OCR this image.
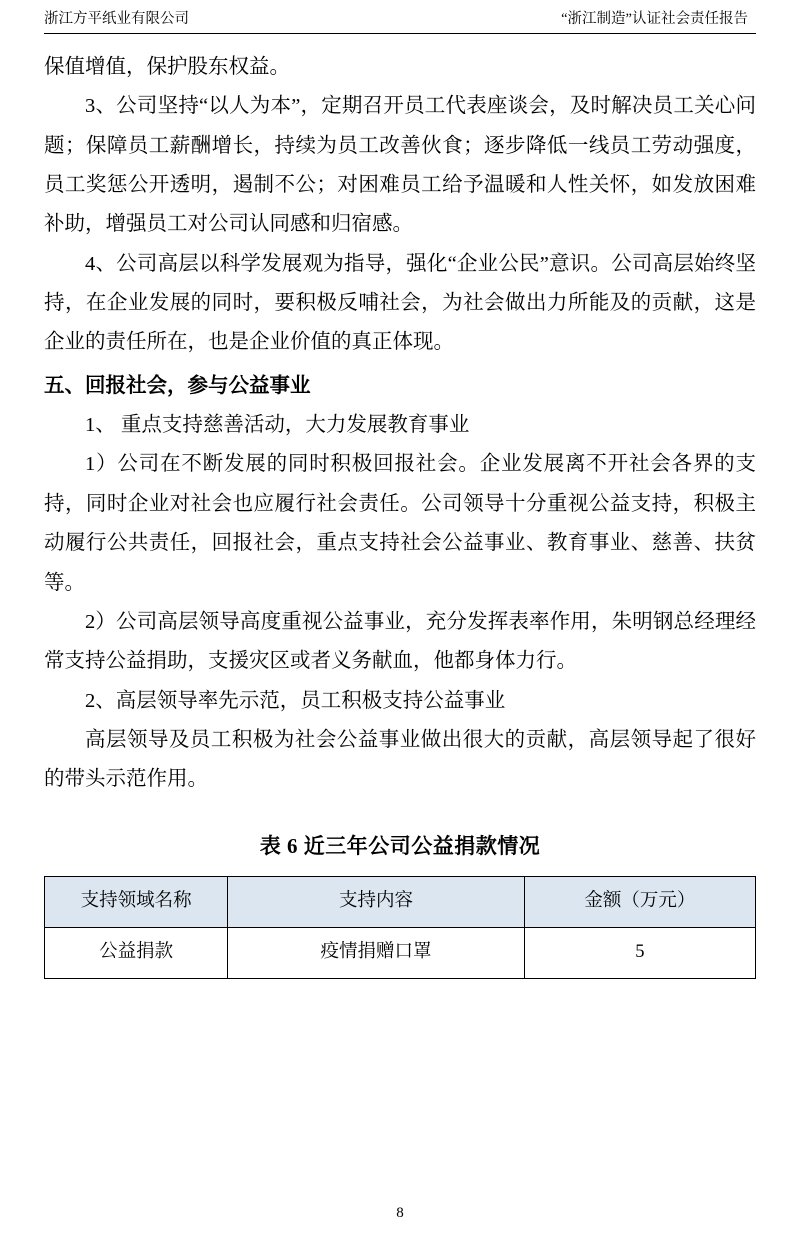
浙江方平纸业有限公司	“浙江制造”认证社会责任报告

保值增值，保护股东权益。

3、公司坚持“以人为本”，定期召开员工代表座谈会，及时解决员工关心问题；保障员工薪酬增长，持续为员工改善伙食；逐步降低一线员工劳动强度，员工奖惩公开透明，遏制不公；对困难员工给予温暖和人性关怀，如发放困难补助，增强员工对公司认同感和归宿感。

4、公司高层以科学发展观为指导，强化“企业公民”意识。公司高层始终坚持，在企业发展的同时，要积极反哺社会，为社会做出力所能及的贡献，这是企业的责任所在，也是企业价值的真正体现。

五、回报社会，参与公益事业

1、 重点支持慈善活动，大力发展教育事业

1）公司在不断发展的同时积极回报社会。企业发展离不开社会各界的支持，同时企业对社会也应履行社会责任。公司领导十分重视公益支持，积极主动履行公共责任，回报社会，重点支持社会公益事业、教育事业、慈善、扶贫等。

2）公司高层领导高度重视公益事业，充分发挥表率作用，朱明钢总经理经常支持公益捐助，支援灾区或者义务献血，他都身体力行。

2、高层领导率先示范，员工积极支持公益事业

高层领导及员工积极为社会公益事业做出很大的贡献，高层领导起了很好的带头示范作用。

表 6 近三年公司公益捐款情况
支持领域名称	支持内容	金额（万元）
公益捐款	疫情捐赠口罩	5
8
